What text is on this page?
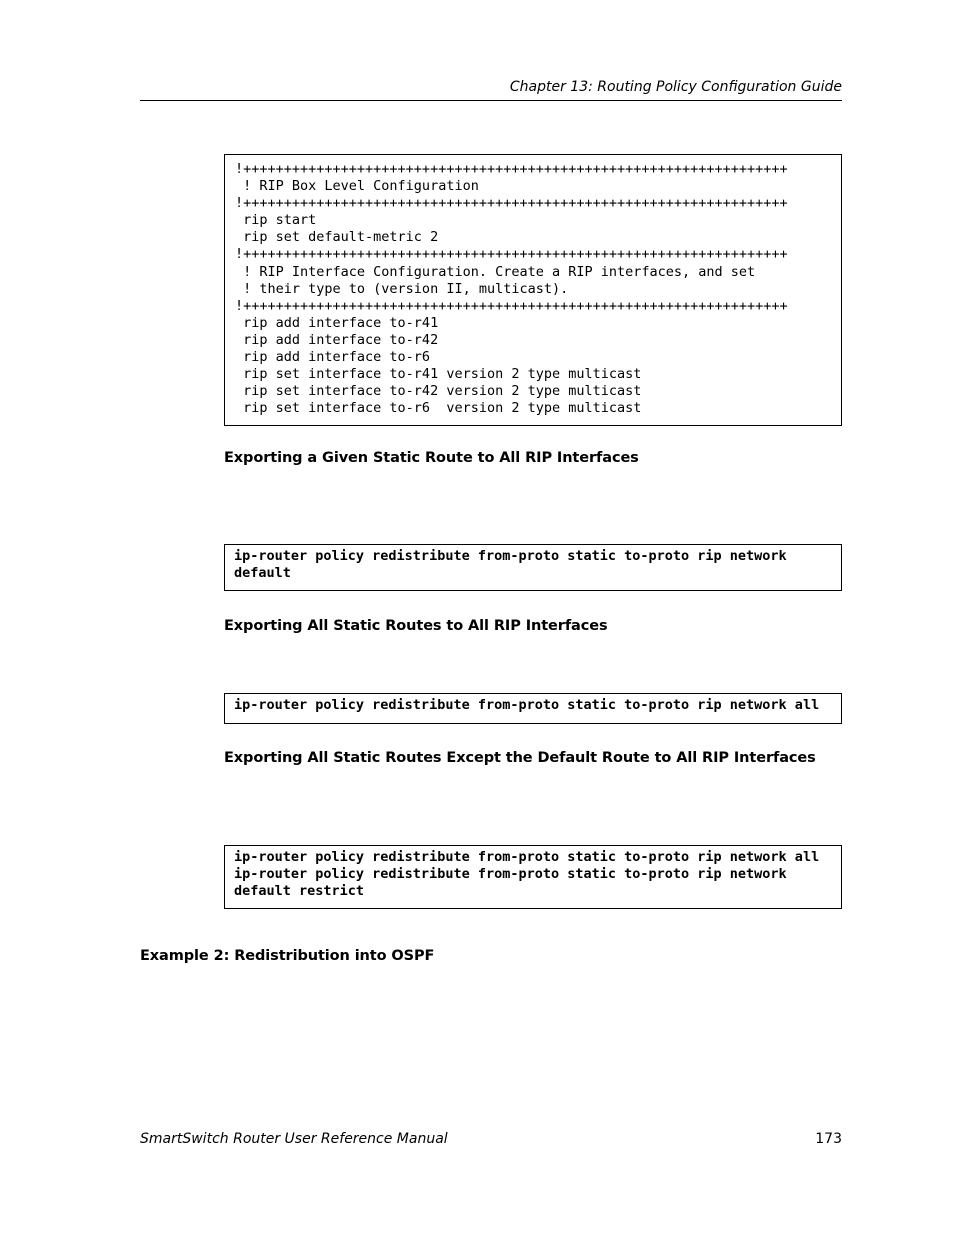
Chapter 13: Routing Policy Configuration Guide
!+++++++++++++++++++++++++++++++++++++++++++++++++++++++++++++++++++
! RIP Box Level Configuration
!+++++++++++++++++++++++++++++++++++++++++++++++++++++++++++++++++++
rip start
rip set default-metric 2
!+++++++++++++++++++++++++++++++++++++++++++++++++++++++++++++++++++
! RIP Interface Configuration. Create a RIP interfaces, and set
! their type to (version II, multicast).
!+++++++++++++++++++++++++++++++++++++++++++++++++++++++++++++++++++
rip add interface to-r41
rip add interface to-r42
rip add interface to-r6
rip set interface to-r41 version 2 type multicast
rip set interface to-r42 version 2 type multicast
rip set interface to-r6  version 2 type multicast
Exporting a Given Static Route to All RIP Interfaces
ip-router policy redistribute from-proto static to-proto rip network
default
Exporting All Static Routes to All RIP Interfaces
ip-router policy redistribute from-proto static to-proto rip network all
Exporting All Static Routes Except the Default Route to All RIP Interfaces
ip-router policy redistribute from-proto static to-proto rip network all
ip-router policy redistribute from-proto static to-proto rip network
default restrict
Example 2: Redistribution into OSPF
SmartSwitch Router User Reference Manual	173
